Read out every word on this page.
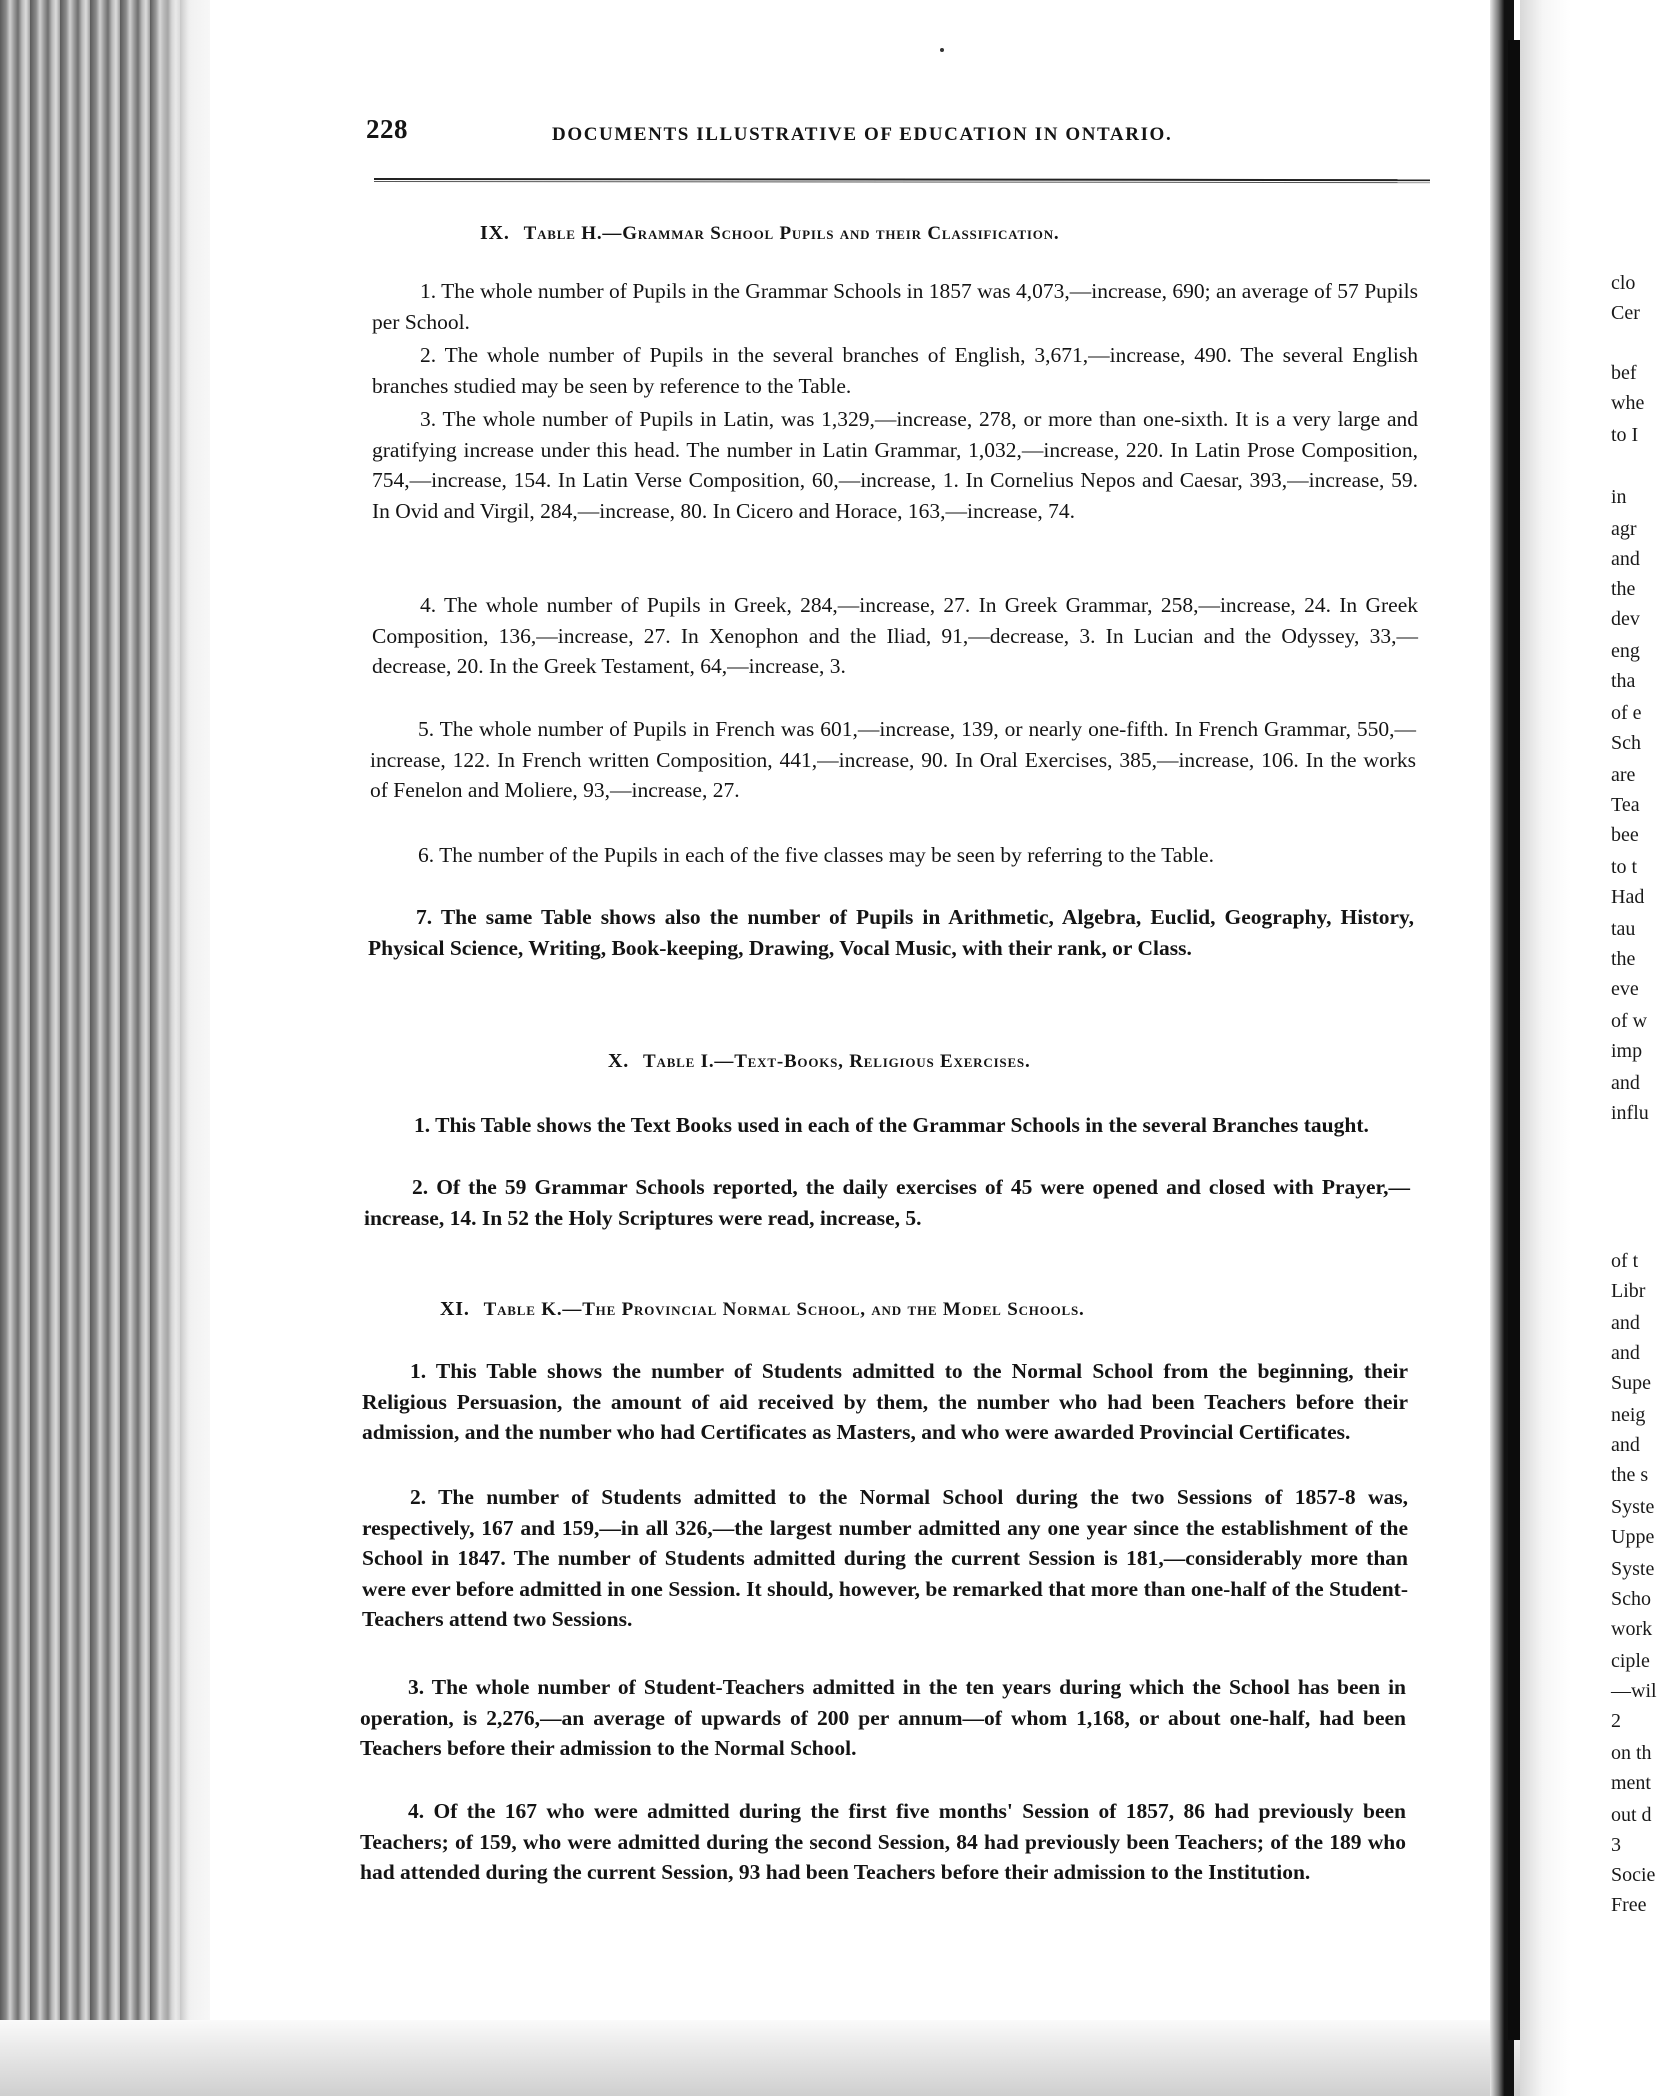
228	DOCUMENTS ILLUSTRATIVE OF EDUCATION IN ONTARIO.
IX. Table H.—Grammar School Pupils and their Classification.
1. The whole number of Pupils in the Grammar Schools in 1857 was 4,073,—increase, 690; an average of 57 Pupils per School.
2. The whole number of Pupils in the several branches of English, 3,671,—increase, 490. The several English branches studied may be seen by reference to the Table.
3. The whole number of Pupils in Latin, was 1,329,—increase, 278, or more than one-sixth. It is a very large and gratifying increase under this head. The number in Latin Grammar, 1,032,—increase, 220. In Latin Prose Composition, 754,—increase, 154. In Latin Verse Composition, 60,—increase, 1. In Cornelius Nepos and Caesar, 393,—increase, 59. In Ovid and Virgil, 284,—increase, 80. In Cicero and Horace, 163,—increase, 74.
4. The whole number of Pupils in Greek, 284,—increase, 27. In Greek Grammar, 258,—increase, 24. In Greek Composition, 136,—increase, 27. In Xenophon and the Iliad, 91,—decrease, 3. In Lucian and the Odyssey, 33,—decrease, 20. In the Greek Testament, 64,—increase, 3.
5. The whole number of Pupils in French was 601,—increase, 139, or nearly one-fifth. In French Grammar, 550,—increase, 122. In French written Composition, 441,—increase, 90. In Oral Exercises, 385,—increase, 106. In the works of Fenelon and Moliere, 93,—increase, 27.
6. The number of the Pupils in each of the five classes may be seen by referring to the Table.
7. The same Table shows also the number of Pupils in Arithmetic, Algebra, Euclid, Geography, History, Physical Science, Writing, Book-keeping, Drawing, Vocal Music, with their rank, or Class.
X. Table I.—Text-Books, Religious Exercises.
1. This Table shows the Text Books used in each of the Grammar Schools in the several Branches taught.
2. Of the 59 Grammar Schools reported, the daily exercises of 45 were opened and closed with Prayer,—increase, 14. In 52 the Holy Scriptures were read, increase, 5.
XI. Table K.—The Provincial Normal School, and the Model Schools.
1. This Table shows the number of Students admitted to the Normal School from the beginning, their Religious Persuasion, the amount of aid received by them, the number who had been Teachers before their admission, and the number who had Certificates as Masters, and who were awarded Provincial Certificates.
2. The number of Students admitted to the Normal School during the two Sessions of 1857-8 was, respectively, 167 and 159,—in all 326,—the largest number admitted any one year since the establishment of the School in 1847. The number of Students admitted during the current Session is 181,—considerably more than were ever before admitted in one Session. It should, however, be remarked that more than one-half of the Student-Teachers attend two Sessions.
3. The whole number of Student-Teachers admitted in the ten years during which the School has been in operation, is 2,276,—an average of upwards of 200 per annum—of whom 1,168, or about one-half, had been Teachers before their admission to the Normal School.
4. Of the 167 who were admitted during the first five months' Session of 1857, 86 had previously been Teachers; of 159, who were admitted during the second Session, 84 had previously been Teachers; of the 189 who had attended during the current Session, 93 had been Teachers before their admission to the Institution.
clo
Cer
bef
whe
to I
in
agr
and
the
dev
eng
tha
of e
Sch
are
Tea
bee
to t
Had
tau
the
eve
of w
imp
and
influ
of t
Libr
and
and
Supe
neig
and
the s
Syste
Uppe
Syste
Scho
work
ciple
—wil
2
on th
ment
out d
3
Socie
Free
